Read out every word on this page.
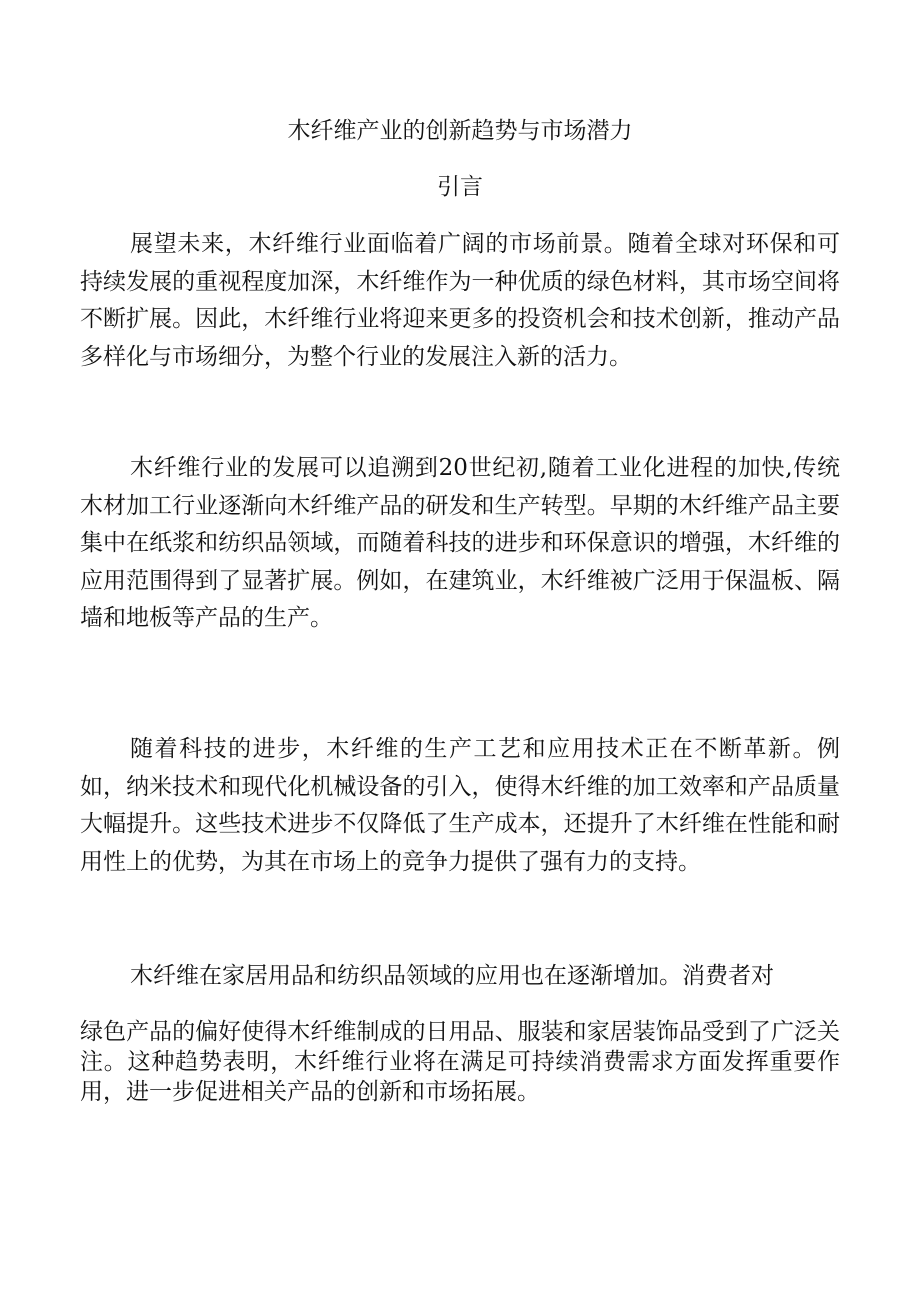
木纤维产业的创新趋势与市场潜力
引言

展望未来，木纤维行业面临着广阔的市场前景。随着全球对环保和可持续发展的重视程度加深，木纤维作为一种优质的绿色材料，其市场空间将不断扩展。因此，木纤维行业将迎来更多的投资机会和技术创新，推动产品多样化与市场细分，为整个行业的发展注入新的活力。

木纤维行业的发展可以追溯到20世纪初,随着工业化进程的加快,传统木材加工行业逐渐向木纤维产品的研发和生产转型。早期的木纤维产品主要集中在纸浆和纺织品领域，而随着科技的进步和环保意识的增强，木纤维的应用范围得到了显著扩展。例如，在建筑业，木纤维被广泛用于保温板、隔墙和地板等产品的生产。

随着科技的进步，木纤维的生产工艺和应用技术正在不断革新。例如，纳米技术和现代化机械设备的引入，使得木纤维的加工效率和产品质量大幅提升。这些技术进步不仅降低了生产成本，还提升了木纤维在性能和耐用性上的优势，为其在市场上的竞争力提供了强有力的支持。

木纤维在家居用品和纺织品领域的应用也在逐渐增加。消费者对

绿色产品的偏好使得木纤维制成的日用品、服装和家居装饰品受到了广泛关注。这种趋势表明，木纤维行业将在满足可持续消费需求方面发挥重要作用，进一步促进相关产品的创新和市场拓展。
